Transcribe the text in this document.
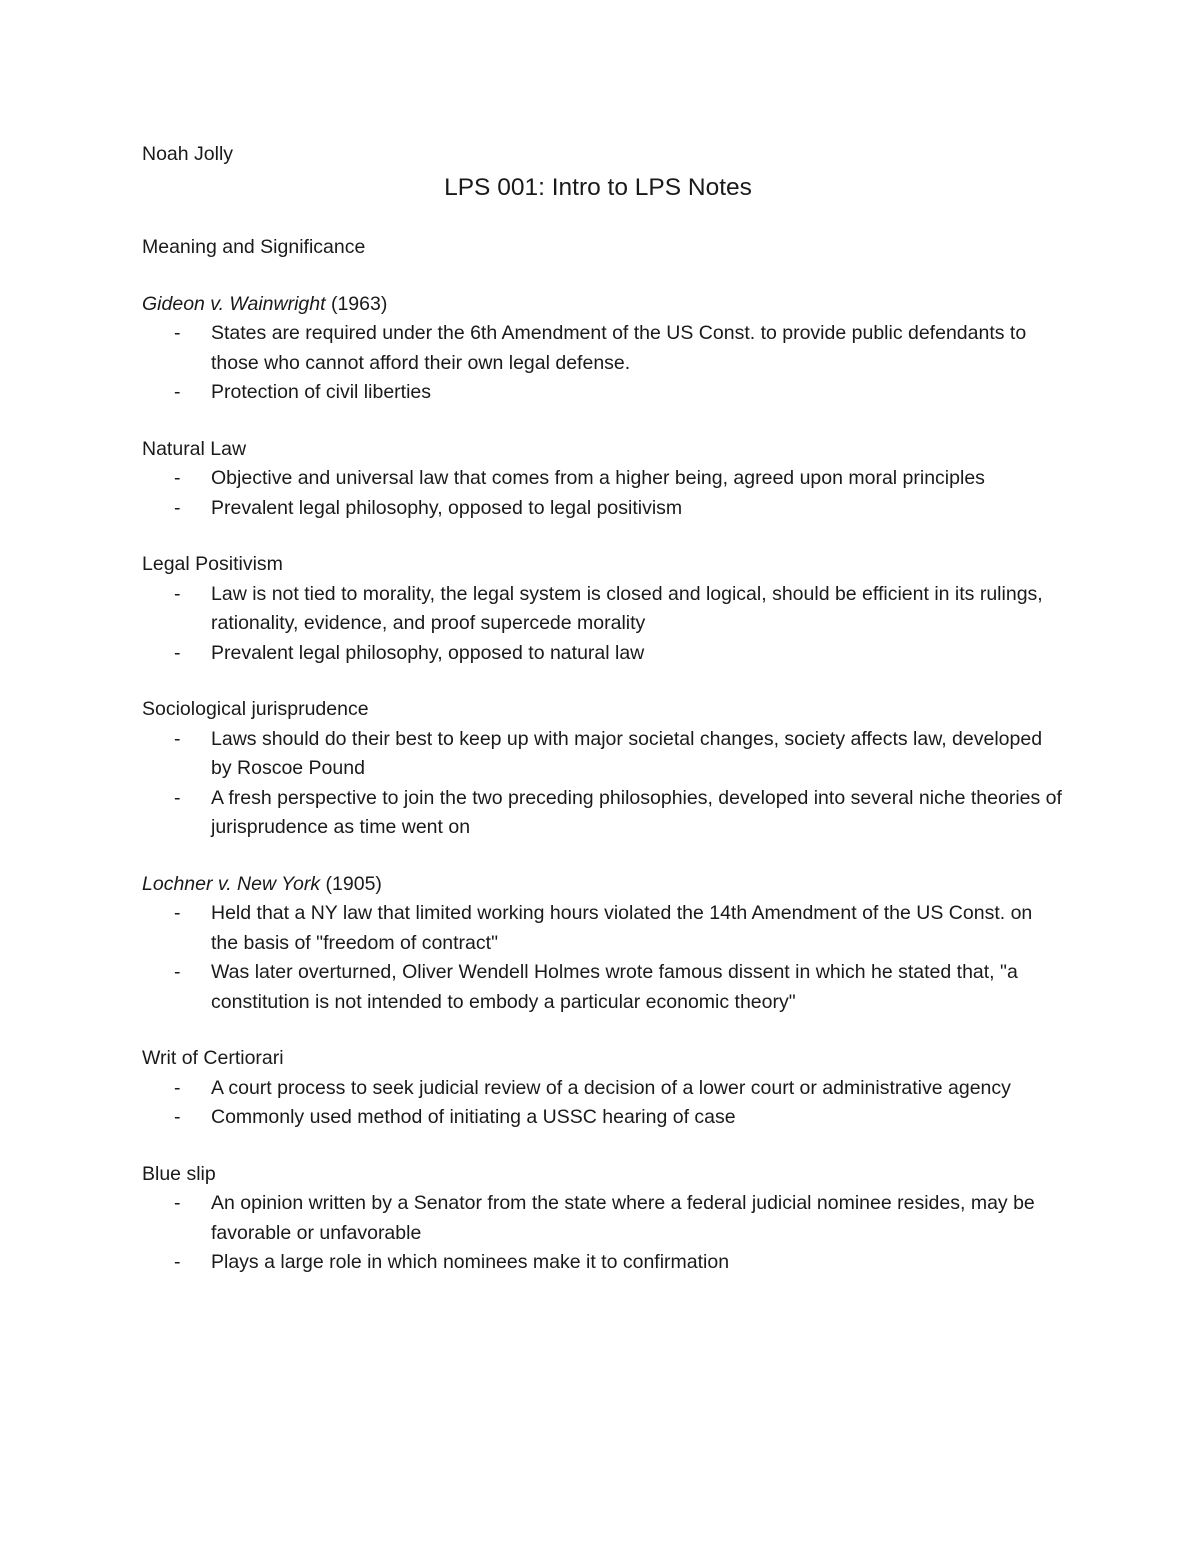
Noah Jolly

LPS 001: Intro to LPS Notes

Meaning and Significance

Gideon v. Wainwright (1963)

- States are required under the 6th Amendment of the US Const. to provide public defendants to those who cannot afford their own legal defense.
- Protection of civil liberties

Natural Law

- Objective and universal law that comes from a higher being, agreed upon moral principles
- Prevalent legal philosophy, opposed to legal positivism

Legal Positivism

- Law is not tied to morality, the legal system is closed and logical, should be efficient in its rulings, rationality, evidence, and proof supercede morality
- Prevalent legal philosophy, opposed to natural law

Sociological jurisprudence

- Laws should do their best to keep up with major societal changes, society affects law, developed by Roscoe Pound
- A fresh perspective to join the two preceding philosophies, developed into several niche theories of jurisprudence as time went on

Lochner v. New York (1905)

- Held that a NY law that limited working hours violated the 14th Amendment of the US Const. on the basis of "freedom of contract"
- Was later overturned, Oliver Wendell Holmes wrote famous dissent in which he stated that, "a constitution is not intended to embody a particular economic theory"

Writ of Certiorari

- A court process to seek judicial review of a decision of a lower court or administrative agency
- Commonly used method of initiating a USSC hearing of case

Blue slip

- An opinion written by a Senator from the state where a federal judicial nominee resides, may be favorable or unfavorable
- Plays a large role in which nominees make it to confirmation
